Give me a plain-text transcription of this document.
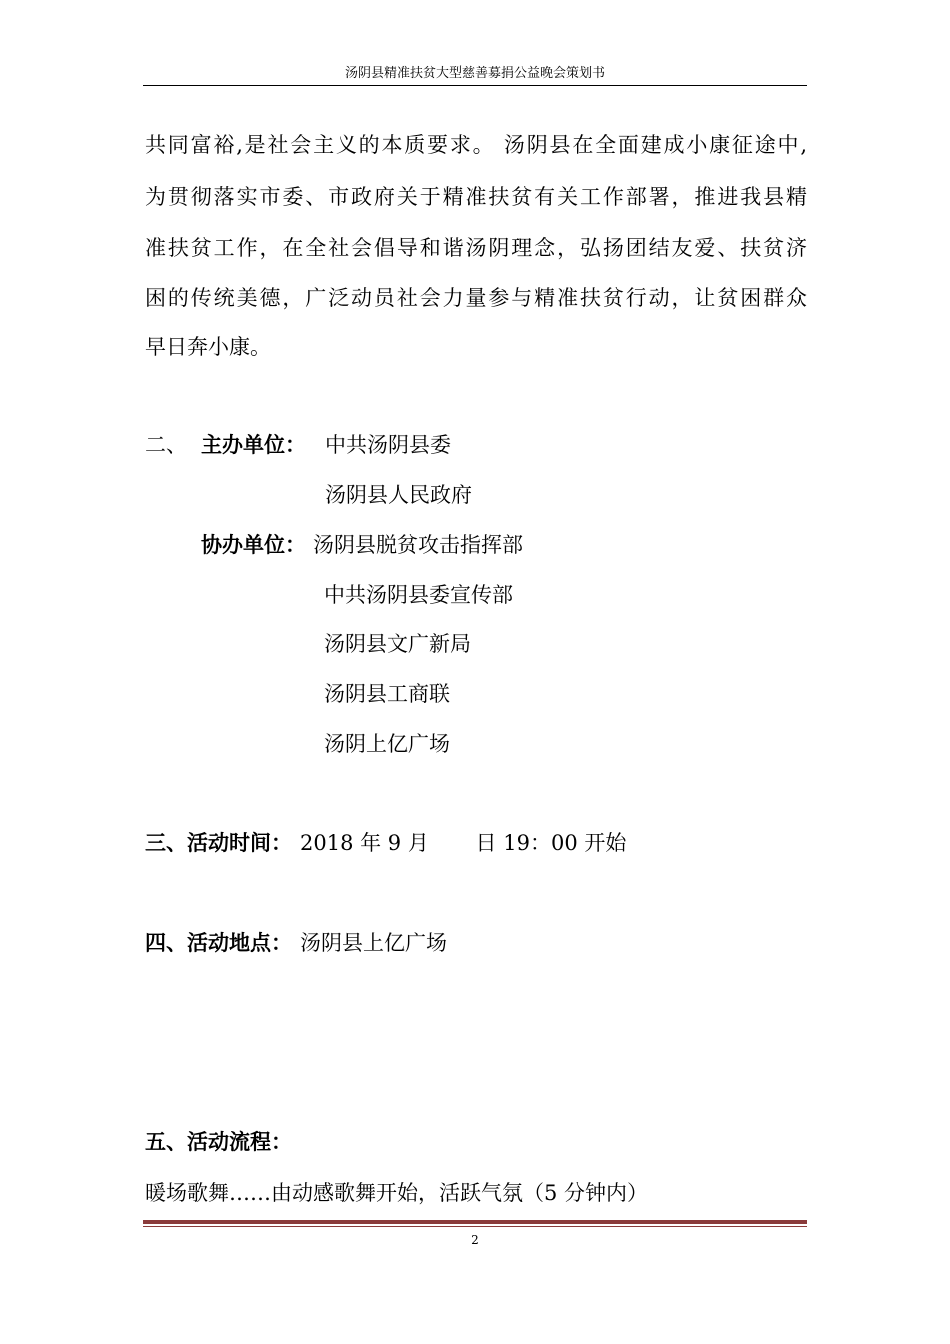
汤阴县精准扶贫大型慈善募捐公益晚会策划书
共同富裕,是社会主义的本质要求。 汤阴县在全面建成小康征途中,
为贯彻落实市委、市政府关于精准扶贫有关工作部署，推进我县精
准扶贫工作，在全社会倡导和谐汤阴理念，弘扬团结友爱、扶贫济
困的传统美德，广泛动员社会力量参与精准扶贫行动，让贫困群众
早日奔小康。
二、 主办单位： 中共汤阴县委
汤阴县人民政府
协办单位： 汤阴县脱贫攻击指挥部
中共汤阴县委宣传部
汤阴县文广新局
汤阴县工商联
汤阴上亿广场
三、活动时间： 2018 年 9 月       日 19：00 开始
四、活动地点： 汤阴县上亿广场
五、活动流程：
暖场歌舞……由动感歌舞开始，活跃气氛（5 分钟内）
2
